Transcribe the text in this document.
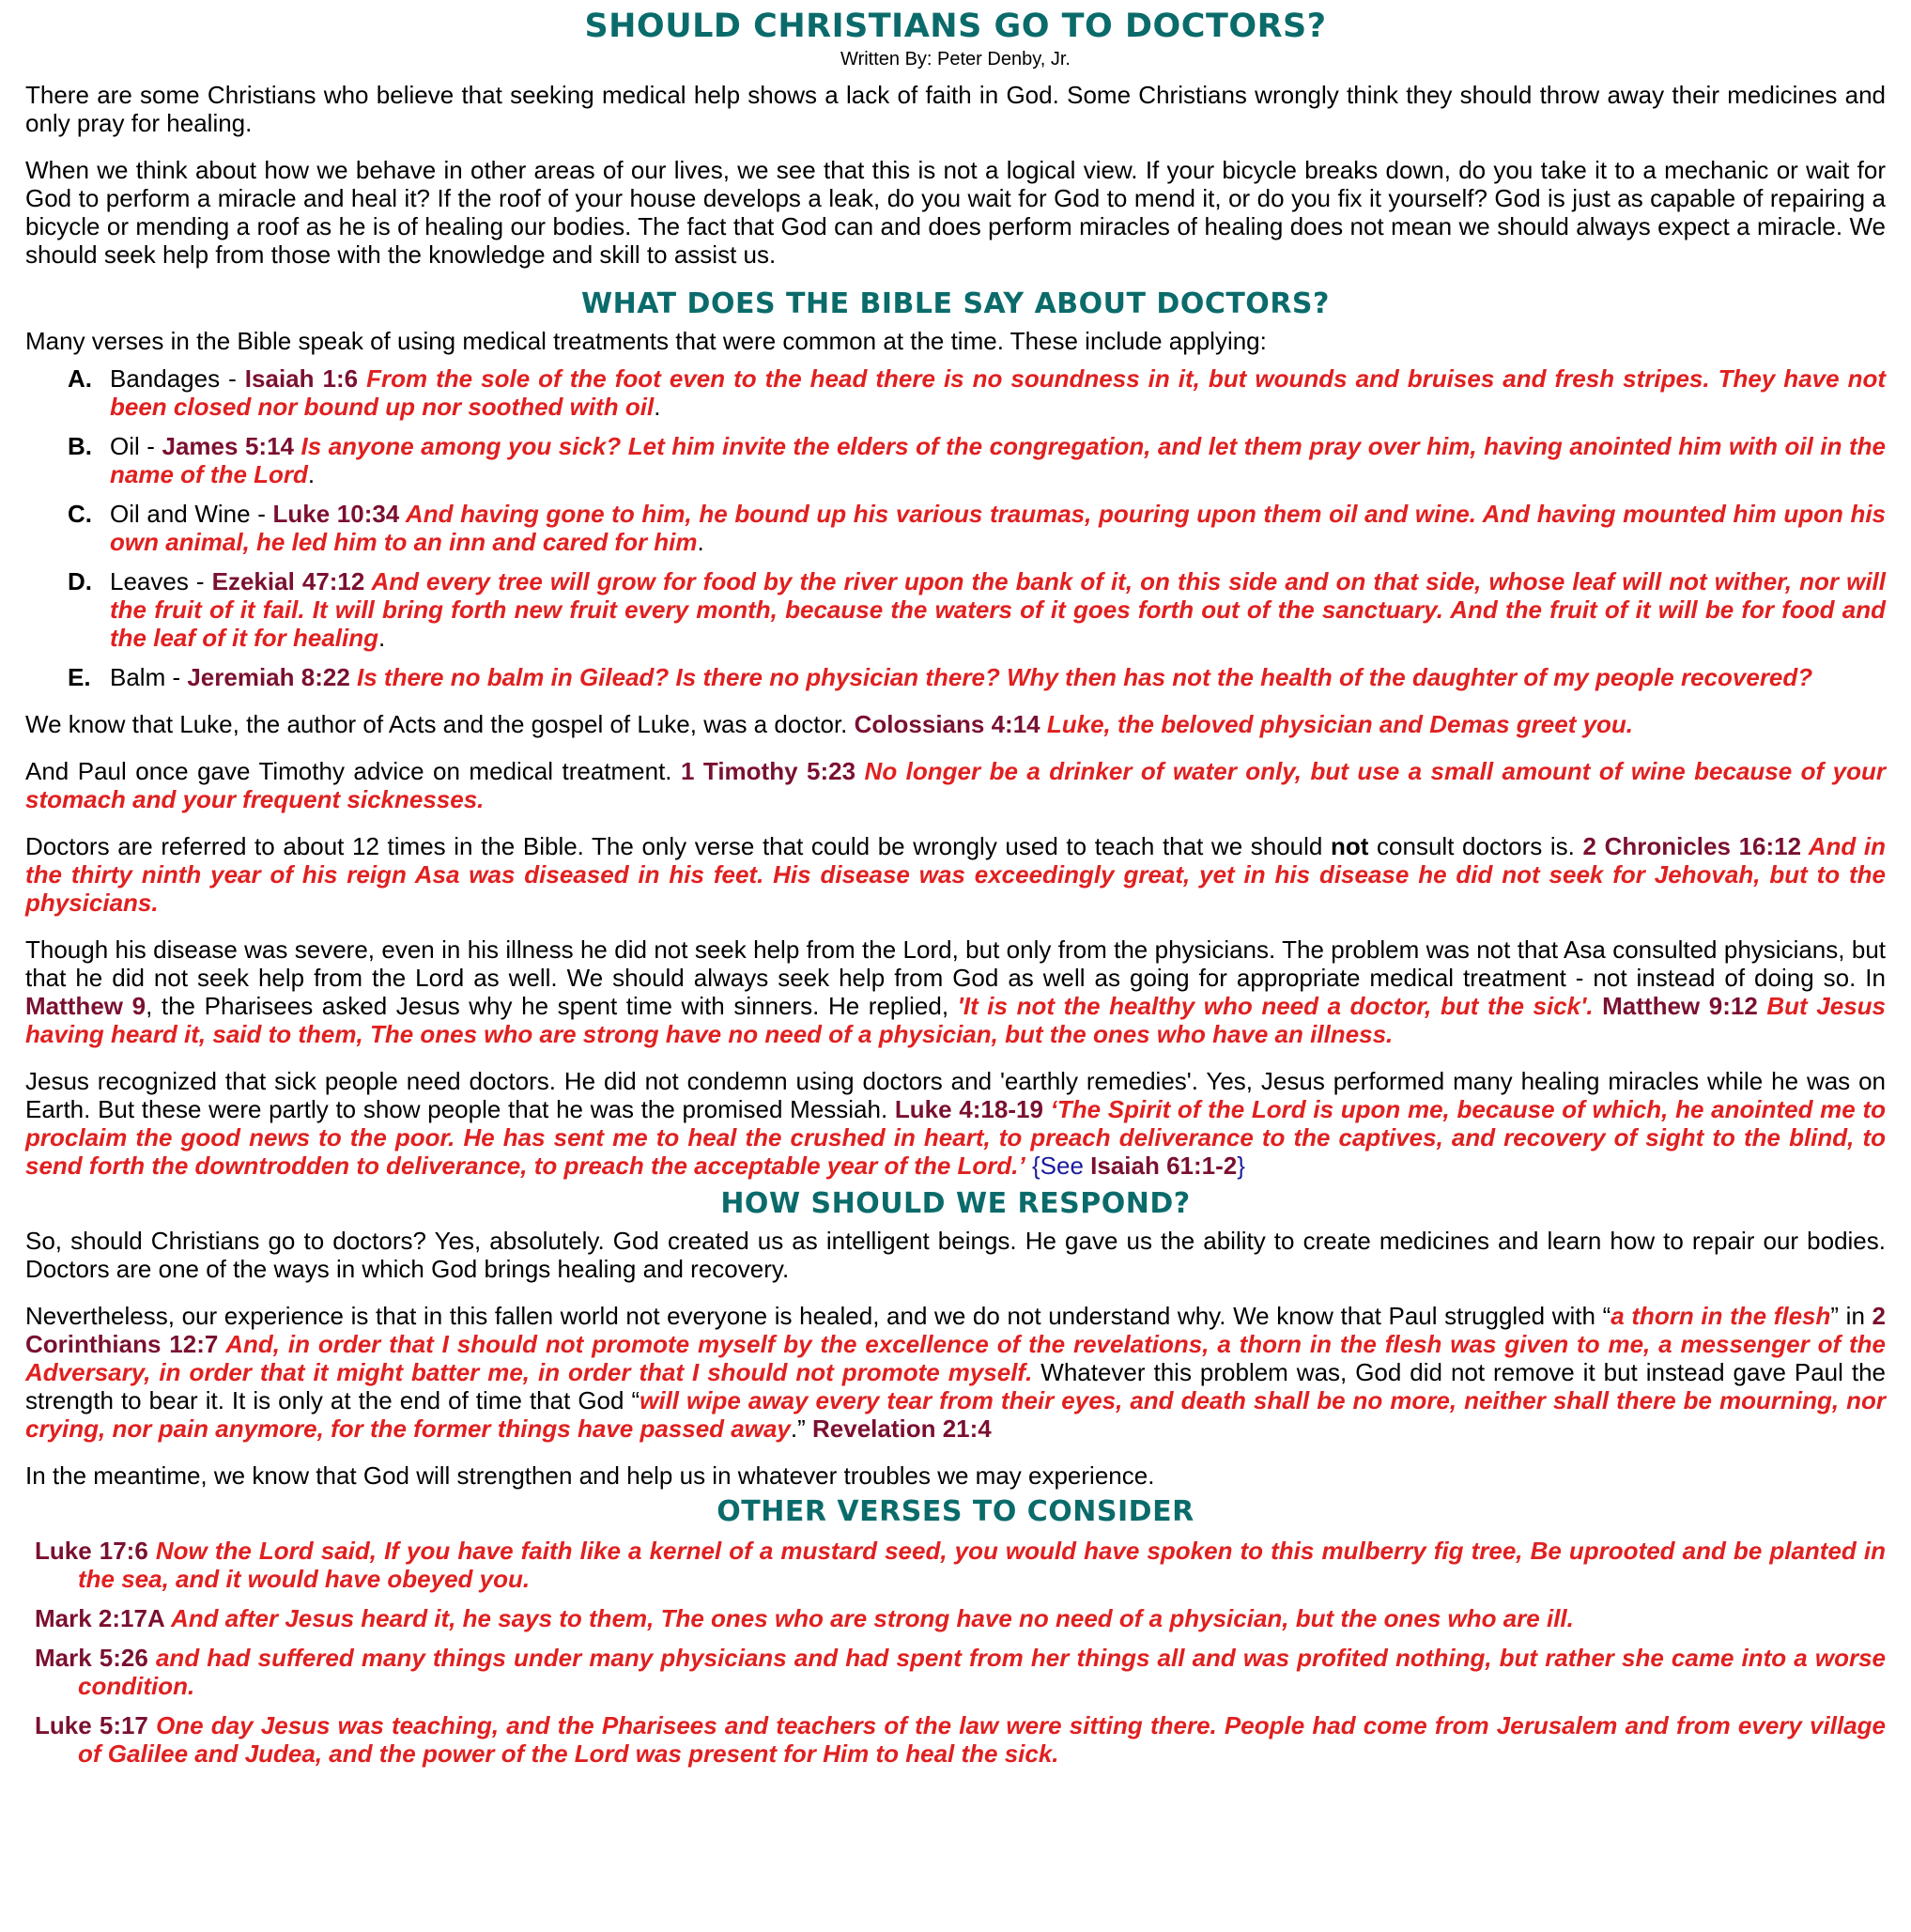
SHOULD CHRISTIANS GO TO DOCTORS?
Written By: Peter Denby, Jr.

There are some Christians who believe that seeking medical help shows a lack of faith in God. Some Christians wrongly think they should throw away their medicines and only pray for healing.

When we think about how we behave in other areas of our lives, we see that this is not a logical view. If your bicycle breaks down, do you take it to a mechanic or wait for God to perform a miracle and heal it? If the roof of your house develops a leak, do you wait for God to mend it, or do you fix it yourself? God is just as capable of repairing a bicycle or mending a roof as he is of healing our bodies. The fact that God can and does perform miracles of healing does not mean we should always expect a miracle. We should seek help from those with the knowledge and skill to assist us.

WHAT DOES THE BIBLE SAY ABOUT DOCTORS?

Many verses in the Bible speak of using medical treatments that were common at the time. These include applying:

A. Bandages - Isaiah 1:6 From the sole of the foot even to the head there is no soundness in it, but wounds and bruises and fresh stripes. They have not been closed nor bound up nor soothed with oil.
B. Oil - James 5:14 Is anyone among you sick? Let him invite the elders of the congregation, and let them pray over him, having anointed him with oil in the name of the Lord.
C. Oil and Wine - Luke 10:34 And having gone to him, he bound up his various traumas, pouring upon them oil and wine. And having mounted him upon his own animal, he led him to an inn and cared for him.
D. Leaves - Ezekial 47:12 And every tree will grow for food by the river upon the bank of it, on this side and on that side, whose leaf will not wither, nor will the fruit of it fail. It will bring forth new fruit every month, because the waters of it goes forth out of the sanctuary. And the fruit of it will be for food and the leaf of it for healing.
E. Balm - Jeremiah 8:22 Is there no balm in Gilead? Is there no physician there? Why then has not the health of the daughter of my people recovered?

We know that Luke, the author of Acts and the gospel of Luke, was a doctor. Colossians 4:14 Luke, the beloved physician and Demas greet you.

And Paul once gave Timothy advice on medical treatment. 1 Timothy 5:23 No longer be a drinker of water only, but use a small amount of wine because of your stomach and your frequent sicknesses.

Doctors are referred to about 12 times in the Bible. The only verse that could be wrongly used to teach that we should not consult doctors is. 2 Chronicles 16:12 And in the thirty ninth year of his reign Asa was diseased in his feet. His disease was exceedingly great, yet in his disease he did not seek for Jehovah, but to the physicians.

Though his disease was severe, even in his illness he did not seek help from the Lord, but only from the physicians. The problem was not that Asa consulted physicians, but that he did not seek help from the Lord as well. We should always seek help from God as well as going for appropriate medical treatment - not instead of doing so. In Matthew 9, the Pharisees asked Jesus why he spent time with sinners. He replied, 'It is not the healthy who need a doctor, but the sick'. Matthew 9:12 But Jesus having heard it, said to them, The ones who are strong have no need of a physician, but the ones who have an illness.

Jesus recognized that sick people need doctors. He did not condemn using doctors and 'earthly remedies'. Yes, Jesus performed many healing miracles while he was on Earth. But these were partly to show people that he was the promised Messiah. Luke 4:18-19 ‘The Spirit of the Lord is upon me, because of which, he anointed me to proclaim the good news to the poor. He has sent me to heal the crushed in heart, to preach deliverance to the captives, and recovery of sight to the blind, to send forth the downtrodden to deliverance, to preach the acceptable year of the Lord.’ {See Isaiah 61:1-2}

HOW SHOULD WE RESPOND?

So, should Christians go to doctors? Yes, absolutely. God created us as intelligent beings. He gave us the ability to create medicines and learn how to repair our bodies. Doctors are one of the ways in which God brings healing and recovery.

Nevertheless, our experience is that in this fallen world not everyone is healed, and we do not understand why. We know that Paul struggled with “a thorn in the flesh” in 2 Corinthians 12:7 And, in order that I should not promote myself by the excellence of the revelations, a thorn in the flesh was given to me, a messenger of the Adversary, in order that it might batter me, in order that I should not promote myself. Whatever this problem was, God did not remove it but instead gave Paul the strength to bear it. It is only at the end of time that God “will wipe away every tear from their eyes, and death shall be no more, neither shall there be mourning, nor crying, nor pain anymore, for the former things have passed away.” Revelation 21:4

In the meantime, we know that God will strengthen and help us in whatever troubles we may experience.

OTHER VERSES TO CONSIDER
Luke 17:6 Now the Lord said, If you have faith like a kernel of a mustard seed, you would have spoken to this mulberry fig tree, Be uprooted and be planted in the sea, and it would have obeyed you.
Mark 2:17A And after Jesus heard it, he says to them, The ones who are strong have no need of a physician, but the ones who are ill.
Mark 5:26 and had suffered many things under many physicians and had spent from her things all and was profited nothing, but rather she came into a worse condition.
Luke 5:17 One day Jesus was teaching, and the Pharisees and teachers of the law were sitting there. People had come from Jerusalem and from every village of Galilee and Judea, and the power of the Lord was present for Him to heal the sick.
